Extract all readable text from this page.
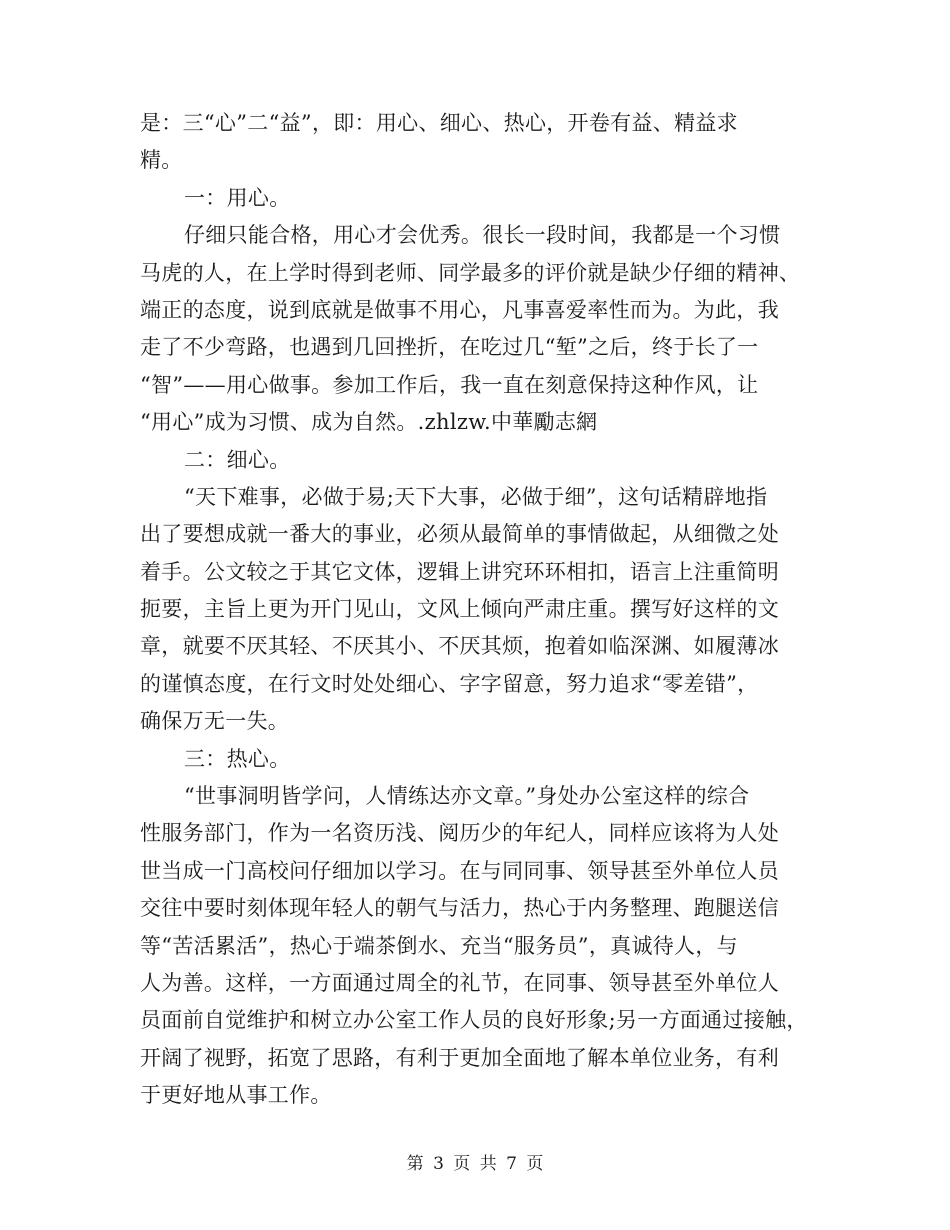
是：三“心”二“益”，即：用心、细心、热心，开卷有益、精益求
精。
一：用心。
仔细只能合格，用心才会优秀。很长一段时间，我都是一个习惯
马虎的人，在上学时得到老师、同学最多的评价就是缺少仔细的精神、
端正的态度，说到底就是做事不用心，凡事喜爱率性而为。为此，我
走了不少弯路，也遇到几回挫折，在吃过几“堑”之后，终于长了一
“智”——用心做事。参加工作后，我一直在刻意保持这种作风，让
“用心”成为习惯、成为自然。.zhlzw.中華勵志網
二：细心。
“天下难事，必做于易;天下大事，必做于细”，这句话精辟地指
出了要想成就一番大的事业，必须从最简单的事情做起，从细微之处
着手。公文较之于其它文体，逻辑上讲究环环相扣，语言上注重简明
扼要，主旨上更为开门见山，文风上倾向严肃庄重。撰写好这样的文
章，就要不厌其轻、不厌其小、不厌其烦，抱着如临深渊、如履薄冰
的谨慎态度，在行文时处处细心、字字留意，努力追求“零差错”，
确保万无一失。
三：热心。
“世事洞明皆学问，人情练达亦文章。”身处办公室这样的综合
性服务部门，作为一名资历浅、阅历少的年纪人，同样应该将为人处
世当成一门高校问仔细加以学习。在与同同事、领导甚至外单位人员
交往中要时刻体现年轻人的朝气与活力，热心于内务整理、跑腿送信
等“苦活累活”，热心于端茶倒水、充当“服务员”，真诚待人，与
人为善。这样，一方面通过周全的礼节，在同事、领导甚至外单位人
员面前自觉维护和树立办公室工作人员的良好形象;另一方面通过接触，
开阔了视野，拓宽了思路，有利于更加全面地了解本单位业务，有利
于更好地从事工作。
第 3 页 共 7 页
